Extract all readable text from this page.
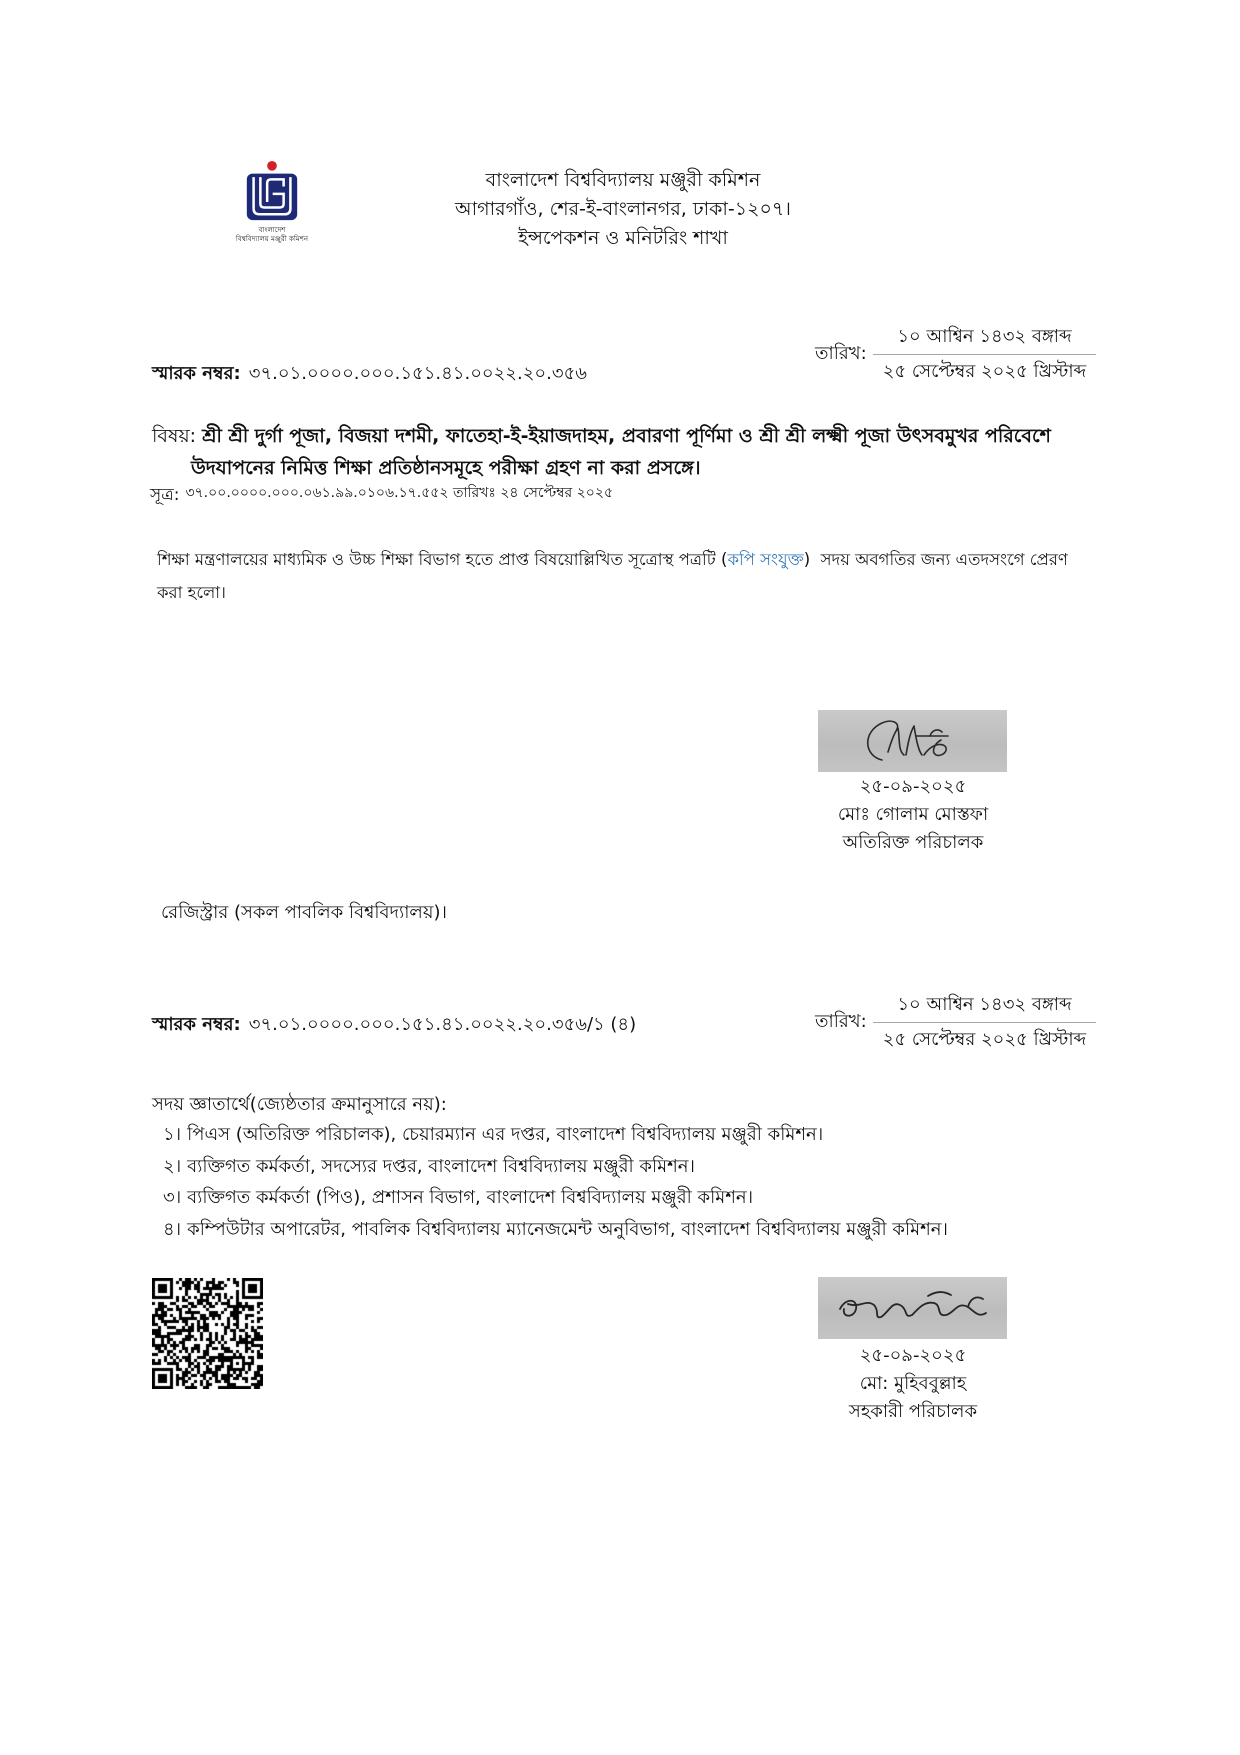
বাংলাদেশ
বিশ্ববিদ্যালয় মঞ্জুরী কমিশন
বাংলাদেশ বিশ্ববিদ্যালয় মঞ্জুরী কমিশন
আগারগাঁও, শের-ই-বাংলানগর, ঢাকা-১২০৭।
ইন্সপেকশন ও মনিটরিং শাখা
তারিখ:
১০ আশ্বিন ১৪৩২ বঙ্গাব্দ
২৫ সেপ্টেম্বর ২০২৫ খ্রিস্টাব্দ
স্মারক নম্বর: ৩৭.০১.০০০০.০০০.১৫১.৪১.০০২২.২০.৩৫৬
বিষয়: শ্রী শ্রী দুর্গা পূজা, বিজয়া দশমী, ফাতেহা-ই-ইয়াজদাহম, প্রবারণা পূর্ণিমা ও শ্রী শ্রী লক্ষ্মী পূজা উৎসবমুখর পরিবেশে উদযাপনের নিমিত্ত শিক্ষা প্রতিষ্ঠানসমূহে পরীক্ষা গ্রহণ না করা প্রসঙ্গে।
সূত্র: ৩৭.০০.০০০০.০০০.০৬১.৯৯.০১০৬.১৭.৫৫২ তারিখঃ ২৪ সেপ্টেম্বর ২০২৫
শিক্ষা মন্ত্রণালয়ের মাধ্যমিক ও উচ্চ শিক্ষা বিভাগ হতে প্রাপ্ত বিষয়োল্লিখিত সূত্রোস্থ পত্রটি (কপি সংযুক্ত)  সদয় অবগতির জন্য এতদসংগে প্রেরণ করা হলো।
২৫-০৯-২০২৫
মোঃ গোলাম মোস্তফা
অতিরিক্ত পরিচালক
রেজিস্ট্রার (সকল পাবলিক বিশ্ববিদ্যালয়)।
তারিখ:
১০ আশ্বিন ১৪৩২ বঙ্গাব্দ
২৫ সেপ্টেম্বর ২০২৫ খ্রিস্টাব্দ
স্মারক নম্বর: ৩৭.০১.০০০০.০০০.১৫১.৪১.০০২২.২০.৩৫৬/১ (৪)
সদয় জ্ঞাতার্থে(জ্যেষ্ঠতার ক্রমানুসারে নয়):
১। পিএস (অতিরিক্ত পরিচালক), চেয়ারম্যান এর দপ্তর, বাংলাদেশ বিশ্ববিদ্যালয় মঞ্জুরী কমিশন।
২। ব্যক্তিগত কর্মকর্তা, সদস্যের দপ্তর, বাংলাদেশ বিশ্ববিদ্যালয় মঞ্জুরী কমিশন।
৩। ব্যক্তিগত কর্মকর্তা (পিও), প্রশাসন বিভাগ, বাংলাদেশ বিশ্ববিদ্যালয় মঞ্জুরী কমিশন।
৪। কম্পিউটার অপারেটর, পাবলিক বিশ্ববিদ্যালয় ম্যানেজমেন্ট অনুবিভাগ, বাংলাদেশ বিশ্ববিদ্যালয় মঞ্জুরী কমিশন।
২৫-০৯-২০২৫
মো: মুহিববুল্লাহ
সহকারী পরিচালক
